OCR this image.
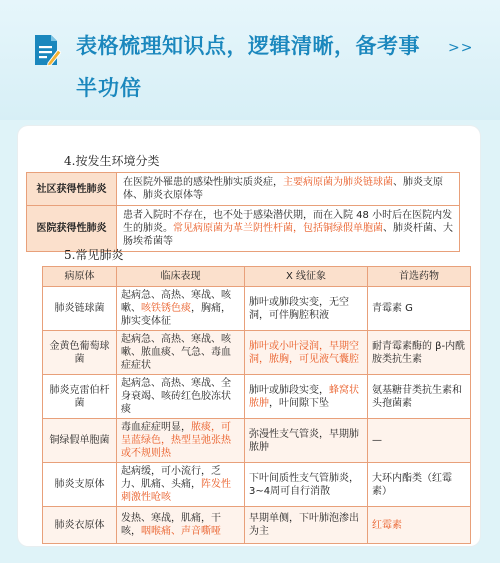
表格梳理知识点，逻辑清晰，备考事
半功倍
>>
4.按发生环境分类
社区获得性肺炎	在医院外罹患的感染性肺实质炎症，主要病原菌为肺炎链球菌、肺炎支原体、肺炎衣原体等
医院获得性肺炎	患者入院时不存在，也不处于感染潜伏期，而在入院 48 小时后在医院内发生的肺炎。常见病原菌为革兰阴性杆菌，包括铜绿假单胞菌、肺炎杆菌、大肠埃希菌等
5.常见肺炎
病原体	临床表现	X 线征象	首选药物
肺炎链球菌	起病急、高热、寒战、咳嗽、咳铁锈色痰，胸痛，肺实变体征	肺叶或肺段实变，无空洞，可伴胸腔积液	青霉素 G
金黄色葡萄球菌	起病急、高热、寒战、咳嗽、脓血痰、气急、毒血症症状	肺叶或小叶浸润，早期空洞，脓胸，可见液气囊腔	耐青霉素酶的 β-内酰胺类抗生素
肺炎克雷伯杆菌	起病急、高热、寒战、全身衰竭、咳砖红色胶冻状痰	肺叶或肺段实变，蜂窝状脓肿，叶间隙下坠	氨基糖苷类抗生素和头孢菌素
铜绿假单胞菌	毒血症症明显，脓痰，可呈蓝绿色，热型呈弛张热或不规则热	弥漫性支气管炎，早期肺脓肿	—
肺炎支原体	起病缓，可小流行，乏力、肌痛、头痛，阵发性刺激性呛咳	下叶间质性支气管肺炎，3~4周可自行消散	大环内酯类（红霉素）
肺炎衣原体	发热、寒战，肌痛，干咳，咽喉痛、声音嘶哑	早期单侧，下叶肺泡渗出为主	红霉素
